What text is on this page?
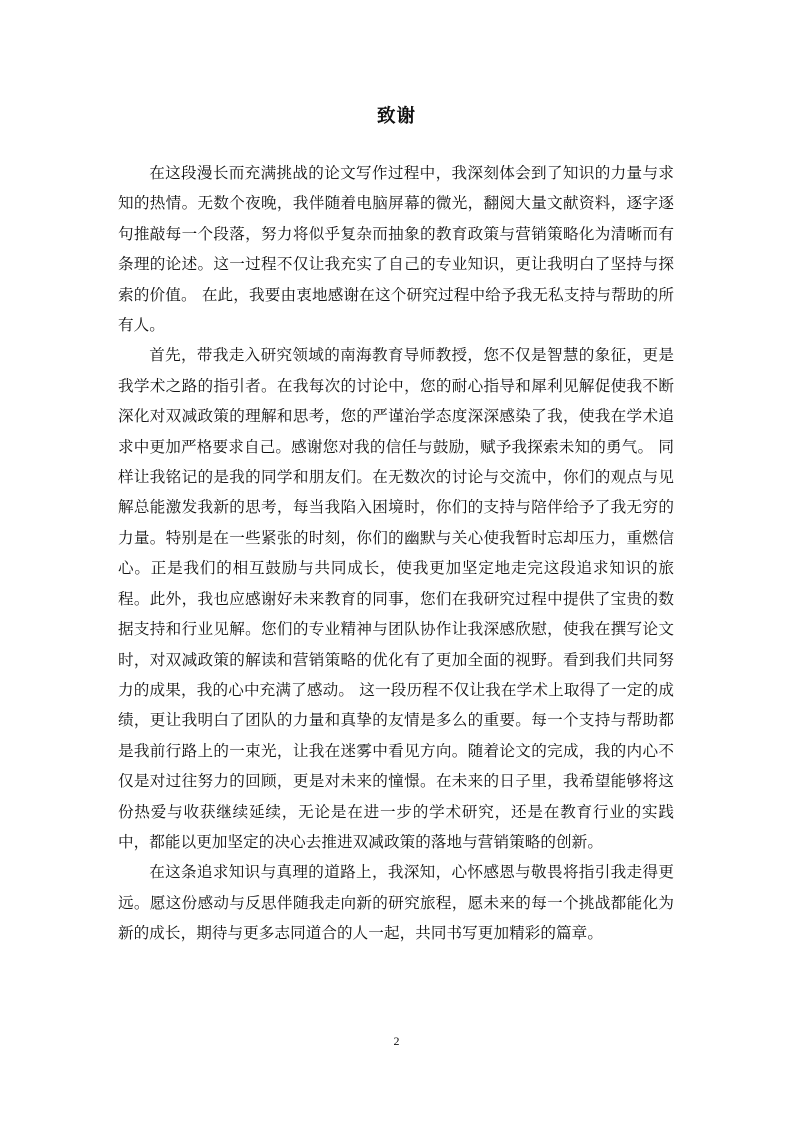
致谢

在这段漫长而充满挑战的论文写作过程中，我深刻体会到了知识的力量与求知的热情。无数个夜晚，我伴随着电脑屏幕的微光，翻阅大量文献资料，逐字逐句推敲每一个段落，努力将似乎复杂而抽象的教育政策与营销策略化为清晰而有条理的论述。这一过程不仅让我充实了自己的专业知识，更让我明白了坚持与探索的价值。 在此，我要由衷地感谢在这个研究过程中给予我无私支持与帮助的所有人。

首先，带我走入研究领域的南海教育导师教授，您不仅是智慧的象征，更是我学术之路的指引者。在我每次的讨论中，您的耐心指导和犀利见解促使我不断深化对双减政策的理解和思考，您的严谨治学态度深深感染了我，使我在学术追求中更加严格要求自己。感谢您对我的信任与鼓励，赋予我探索未知的勇气。 同样让我铭记的是我的同学和朋友们。在无数次的讨论与交流中，你们的观点与见解总能激发我新的思考，每当我陷入困境时，你们的支持与陪伴给予了我无穷的力量。特别是在一些紧张的时刻，你们的幽默与关心使我暂时忘却压力，重燃信心。正是我们的相互鼓励与共同成长，使我更加坚定地走完这段追求知识的旅程。此外，我也应感谢好未来教育的同事，您们在我研究过程中提供了宝贵的数据支持和行业见解。您们的专业精神与团队协作让我深感欣慰，使我在撰写论文时，对双减政策的解读和营销策略的优化有了更加全面的视野。看到我们共同努力的成果，我的心中充满了感动。 这一段历程不仅让我在学术上取得了一定的成绩，更让我明白了团队的力量和真挚的友情是多么的重要。每一个支持与帮助都是我前行路上的一束光，让我在迷雾中看见方向。随着论文的完成，我的内心不仅是对过往努力的回顾，更是对未来的憧憬。在未来的日子里，我希望能够将这份热爱与收获继续延续，无论是在进一步的学术研究，还是在教育行业的实践中，都能以更加坚定的决心去推进双减政策的落地与营销策略的创新。

在这条追求知识与真理的道路上，我深知，心怀感恩与敬畏将指引我走得更远。愿这份感动与反思伴随我走向新的研究旅程，愿未来的每一个挑战都能化为新的成长，期待与更多志同道合的人一起，共同书写更加精彩的篇章。

2
